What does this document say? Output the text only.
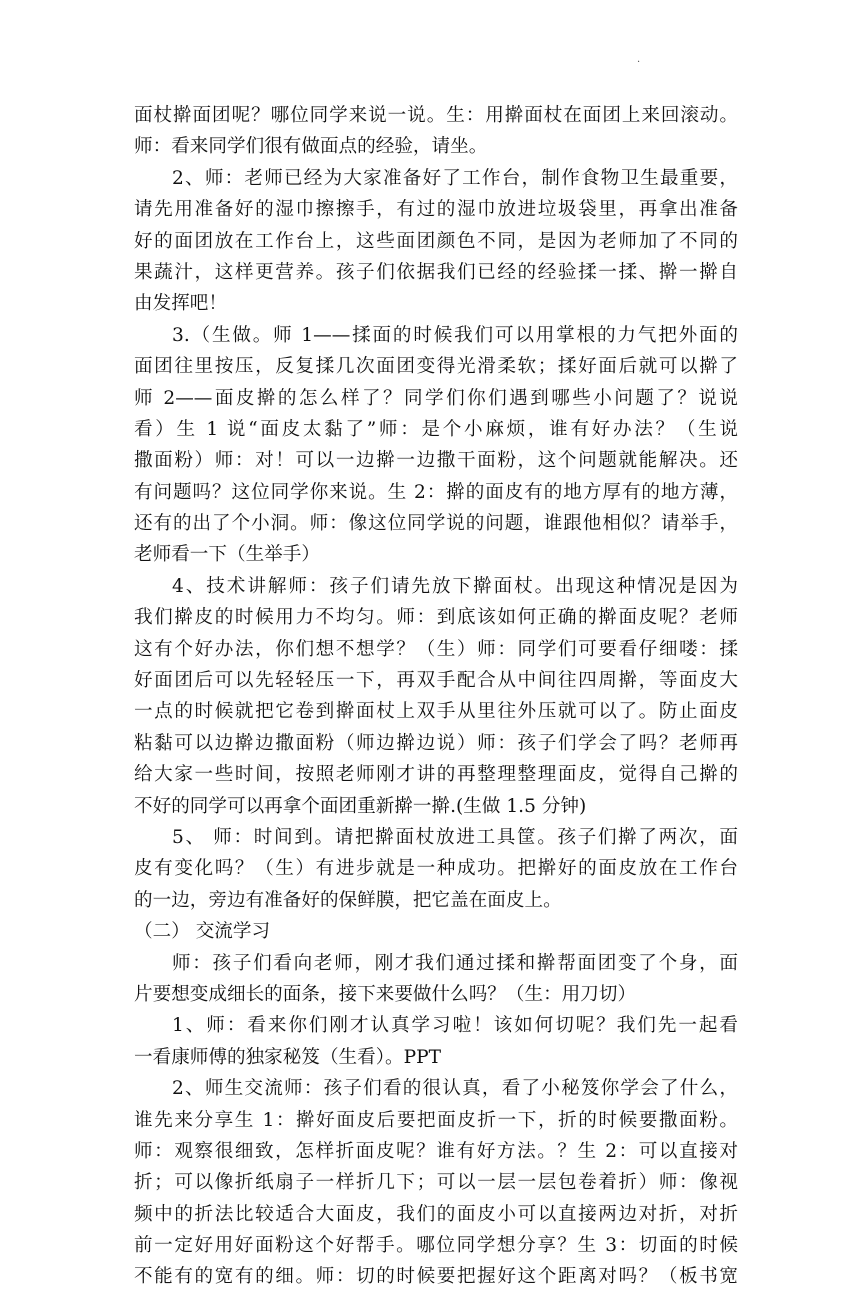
·
面杖擀面团呢？哪位同学来说一说。生：用擀面杖在面团上来回滚动。
师：看来同学们很有做面点的经验，请坐。
2、师：老师已经为大家准备好了工作台，制作食物卫生最重要，
请先用准备好的湿巾擦擦手，有过的湿巾放进垃圾袋里，再拿出准备
好的面团放在工作台上，这些面团颜色不同，是因为老师加了不同的
果蔬汁，这样更营养。孩子们依据我们已经的经验揉一揉、擀一擀自
由发挥吧！
3.（生做。师 1——揉面的时候我们可以用掌根的力气把外面的
面团往里按压，反复揉几次面团变得光滑柔软；揉好面后就可以擀了
师 2——面皮擀的怎么样了？同学们你们遇到哪些小问题了？说说
看）生 1 说“面皮太黏了”师：是个小麻烦，谁有好办法？（生说
撒面粉）师：对！可以一边擀一边撒干面粉，这个问题就能解决。还
有问题吗？这位同学你来说。生 2：擀的面皮有的地方厚有的地方薄，
还有的出了个小洞。师：像这位同学说的问题，谁跟他相似？请举手，
老师看一下（生举手）
4、技术讲解师：孩子们请先放下擀面杖。出现这种情况是因为
我们擀皮的时候用力不均匀。师：到底该如何正确的擀面皮呢？老师
这有个好办法，你们想不想学？（生）师：同学们可要看仔细喽：揉
好面团后可以先轻轻压一下，再双手配合从中间往四周擀，等面皮大
一点的时候就把它卷到擀面杖上双手从里往外压就可以了。防止面皮
粘黏可以边擀边撒面粉（师边擀边说）师：孩子们学会了吗？老师再
给大家一些时间，按照老师刚才讲的再整理整理面皮，觉得自己擀的
不好的同学可以再拿个面团重新擀一擀.(生做 1.5 分钟)
5、 师：时间到。请把擀面杖放进工具筐。孩子们擀了两次，面
皮有变化吗？（生）有进步就是一种成功。把擀好的面皮放在工作台
的一边，旁边有准备好的保鲜膜，把它盖在面皮上。
（二） 交流学习
师：孩子们看向老师，刚才我们通过揉和擀帮面团变了个身，面
片要想变成细长的面条，接下来要做什么吗？（生：用刀切）
1、师：看来你们刚才认真学习啦！该如何切呢？我们先一起看
一看康师傅的独家秘笈（生看）。PPT
2、师生交流师：孩子们看的很认真，看了小秘笈你学会了什么，
谁先来分享生 1：擀好面皮后要把面皮折一下，折的时候要撒面粉。
师：观察很细致，怎样折面皮呢？谁有好方法。？生 2：可以直接对
折；可以像折纸扇子一样折几下；可以一层一层包卷着折）师：像视
频中的折法比较适合大面皮，我们的面皮小可以直接两边对折，对折
前一定好用好面粉这个好帮手。哪位同学想分享？生 3：切面的时候
不能有的宽有的细。师：切的时候要把握好这个距离对吗？（板书宽
